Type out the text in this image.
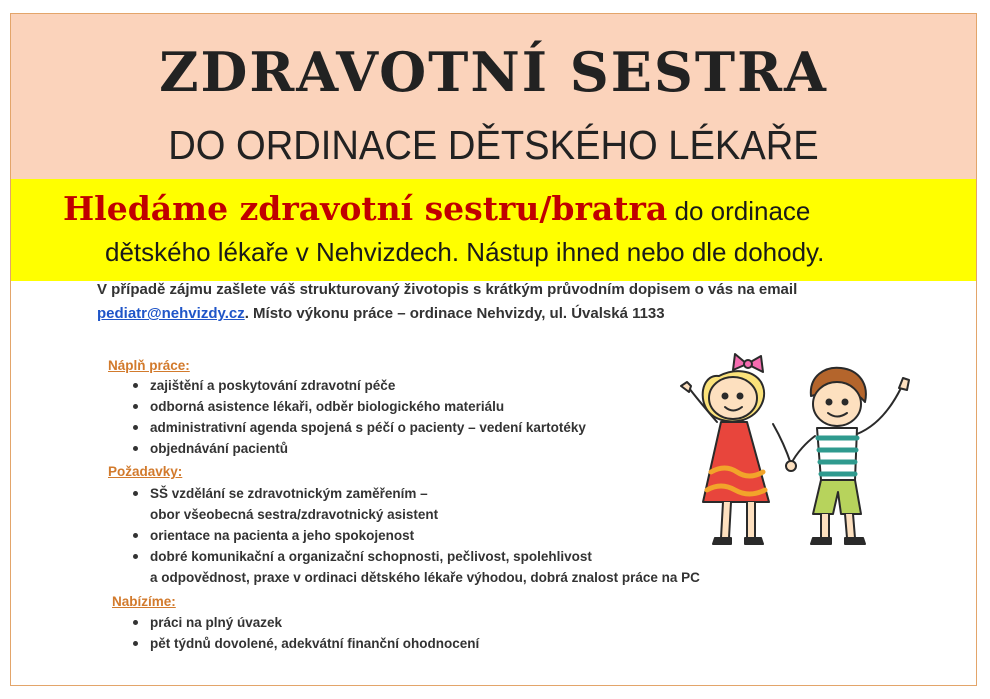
ZDRAVOTNÍ SESTRA
DO ORDINACE DĚTSKÉHO LÉKAŘE
Hledáme zdravotní sestru/bratra do ordinace
dětského lékaře v Nehvizdech. Nástup ihned nebo dle dohody.
V případě zájmu zašlete váš strukturovaný životopis s krátkým průvodním dopisem o vás na email
pediatr@nehvizdy.cz. Místo výkonu práce – ordinace Nehvizdy, ul. Úvalská 1133
Náplň práce:
zajištění a poskytování zdravotní péče
odborná asistence lékaři, odběr biologického materiálu
administrativní agenda spojená s péčí o pacienty – vedení kartotéky
objednávání pacientů
Požadavky:
SŠ vzdělání se zdravotnickým zaměřením –
obor všeobecná sestra/zdravotnický asistent
orientace na pacienta a jeho spokojenost
dobré komunikační a organizační schopnosti, pečlivost, spolehlivost
a odpovědnost, praxe v ordinaci dětského lékaře výhodou, dobrá znalost práce na PC
Nabízíme:
práci na plný úvazek
pět týdnů dovolené, adekvátní finanční ohodnocení
